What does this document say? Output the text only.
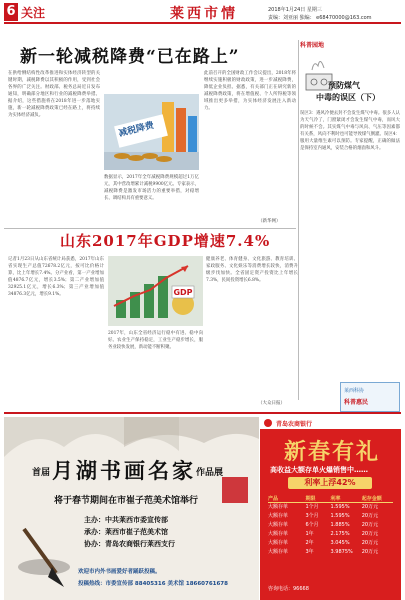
6 关注	莱西市情	2018年1月24日 星期三
责编：刘亚丽 独编： e68470000@163.com
新一轮减税降费“已在路上”
在供给侧结构性改革推进和实体经济转型的关键时期，减税降费以其积极的作用，受到社会各界的广泛关注。财政部、税务总局近日发布通知，明确部分地区和行业的减税降费举措。据介绍，这些措施将在2018年进一步落地实施，新一轮减税降费政策已经在路上，将持续为实体经济减负。
数据显示，2017年全年减税降费规模超过1万亿元，其中营改增累计减税9900亿元。专家表示，减税降费是激发市场活力的重要举措，对稳增长、调结构具有重要意义。
此前召开的全国财政工作会议提出，2018年将继续实施积极的财政政策，进一步减税降费，降低企业负担。据悉，有关部门正在研究新的减税降费政策，将在增值税、个人所得税等领域推出更多举措，为实体经济发展注入新动力。
（新华网）
减税降费
科普园地
预防煤气
中毒的误区（下）
误区3：遇风冷便去封不会发生煤气中毒。很多人认为天气冷了，门窗紧闭才会发生煤气中毒，而风大的时候不会。其实煤气中毒与风向、气压等因素都有关系，风向不利时也可能导致煤气倒灌。误区4：服用大量维生素可以预防。专家提醒，正确的做法是保持室内通风，安装合格的烟囱和风斗。
莱西科协
科普惠民
山东2017年GDP增速7.4%
记者1月23日从山东省统计局获悉，2017年山东省实现生产总值72678.2亿元，按可比价格计算，比上年增长7.4%。分产业看，第一产业增加值4876.7亿元，增长3.5%；第二产业增加值32925.1亿元，增长6.3%；第三产业增加值34876.3亿元，增长9.1%。
2017年，山东全省经济运行稳中有进、稳中向好。农业生产保持稳定，工业生产稳步增长，服务业较快发展，新动能不断积聚。
健康养老、体育健身、文化旅游、教育培训、家政服务、文化娱乐等消费增长较快，消费升级步伐加快。全省固定资产投资比上年增长7.3%，民间投资增长6.8%。
（大众日报）
GDP
首届 月湖书画名家 作品展
将于春节期间在市崔子范美术馆举行
主办：中共莱西市委宣传部
承办：莱西市崔子范美术馆
协办：青岛农商银行莱西支行
欢迎市内外书画爱好者踊跃投稿。
投稿热线：市委宣传部 88405316 美术馆 18660761678
青岛农商银行
新春有礼
高收益大额存单火爆销售中……
利率上浮42%
产品	期限	利率	起存金额
大额存单	1个月	1.595%	20万元
大额存单	3个月	1.595%	20万元
大额存单	6个月	1.885%	20万元
大额存单	1年	2.175%	20万元
大额存单	2年	3.045%	20万元
大额存单	3年	3.9875%	20万元
咨询电话：96668
